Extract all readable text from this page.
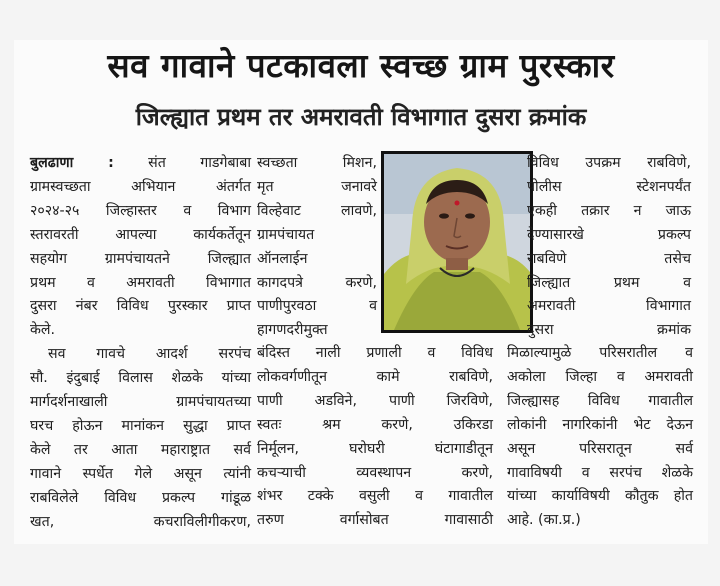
सव गावाने पटकावला स्वच्छ ग्राम पुरस्कार
जिल्ह्यात प्रथम तर अमरावती विभागात दुसरा क्रमांक
बुलढाणा : संत गाडगेबाबा
ग्रामस्वच्छता अभियान अंतर्गत
२०२४-२५ जिल्हास्तर व विभाग
स्तरावरती आपल्या कार्यकर्तेतून
सहयोग ग्रामपंचायतने जिल्ह्यात
प्रथम व अमरावती विभागात
दुसरा नंबर विविध पुरस्कार प्राप्त
केले.
सव गावचे आदर्श सरपंच
सौ. इंदुबाई विलास शेळके यांच्या
मार्गदर्शनाखाली ग्रामपंचायतच्या
घरच होऊन मानांकन सुद्धा प्राप्त
केले तर आता महाराष्ट्रात सर्व
गावाने स्पर्धेत गेले असून त्यांनी
राबविलेले विविध प्रकल्प गांडूळ
खत, कचराविलीगीकरण,
स्वच्छता मिशन,
मृत जनावरे
विल्हेवाट लावणे,
ग्रामपंचायत
ऑनलाईन
कागदपत्रे करणे,
पाणीपुरवठा व
हागणदरीमुक्त
विविध उपक्रम राबविणे,
पोलीस स्टेशनपर्यंत
एकही तक्रार न जाऊ
देण्यासारखे प्रकल्प
राबविणे तसेच
जिल्ह्यात प्रथम व
अमरावती विभागात
दुसरा क्रमांक
बंदिस्त नाली प्रणाली व विविध
लोकवर्गणीतून कामे राबविणे,
पाणी अडविने, पाणी जिरविणे,
स्वतः श्रम करणे, उकिरडा
निर्मूलन, घरोघरी घंटागाडीतून
कचऱ्याची व्यवस्थापन करणे,
शंभर टक्के वसुली व गावातील
तरुण वर्गासोबत गावासाठी
मिळाल्यामुळे परिसरातील व
अकोला जिल्हा व अमरावती
जिल्ह्यासह विविध गावातील
लोकांनी नागरिकांनी भेट देऊन
असून परिसरातून सर्व
गावाविषयी व सरपंच शेळके
यांच्या कार्याविषयी कौतुक होत
आहे. (का.प्र.)
